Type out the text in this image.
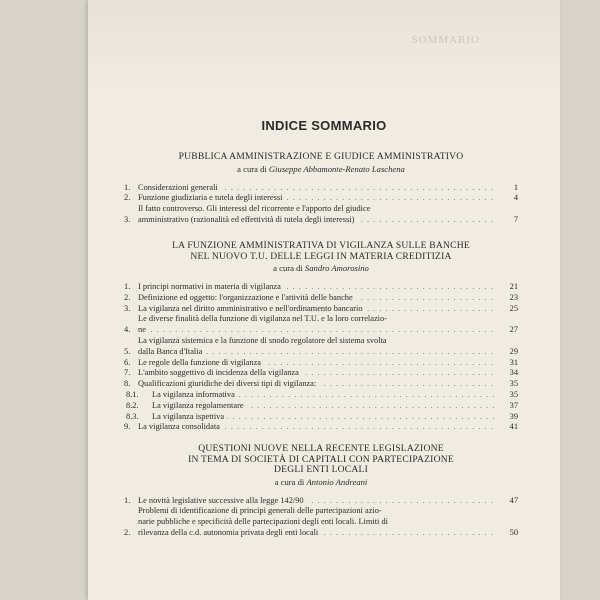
SOMMARIO
INDICE SOMMARIO
PUBBLICA AMMINISTRAZIONE E GIUDICE AMMINISTRATIVO
a cura di Giuseppe Abbamonte-Renato Laschena
1. Considerazioni generali . . .	1
2. Funzione giudiziaria e tutela degli interessi . . .	4
3.
Il fatto controverso. Gli interessi del ricorrente e l'apporto del giudice
amministrativo (razionalità ed effettività di tutela degli interessi) . . .	7
LA FUNZIONE AMMINISTRATIVA DI VIGILANZA SULLE BANCHE
NEL NUOVO T.U. DELLE LEGGI IN MATERIA CREDITIZIA
a cura di Sandro Amorosino
1. I principi normativi in materia di vigilanza . . .	21
2. Definizione ed oggetto: l'organizzazione e l'attività delle banche . . .	23
3. La vigilanza nel diritto amministrativo e nell'ordinamento bancario . . .	25
4.
Le diverse finalità della funzione di vigilanza nel T.U. e la loro correlazio-
ne . . .	27
5.
La vigilanza sistemica e la funzione di snodo regolatore del sistema svolta
dalla Banca d'Italia . . .	29
6. Le regole della funzione di vigilanza . . .	31
7. L'ambito soggettivo di incidenza della vigilanza . . .	34
8. Qualificazioni giuridiche dei diversi tipi di vigilanza: . . .	35
8.1.	La vigilanza informativa . . .	35
8.2.	La vigilanza regolamentare . . .	37
8.3.	La vigilanza ispettiva . . .	39
9. La vigilanza consolidata . . .	41
QUESTIONI NUOVE NELLA RECENTE LEGISLAZIONE
IN TEMA DI SOCIETÀ DI CAPITALI CON PARTECIPAZIONE
DEGLI ENTI LOCALI
a cura di Antonio Andreani
1. Le novità legislative successive alla legge 142/90 . . .	47
2.
Problemi di identificazione di principi generali delle partecipazioni azio-
narie pubbliche e specificità delle partecipazioni degli enti locali. Limiti di
rilevanza della c.d. autonomia privata degli enti locali . . .	50
